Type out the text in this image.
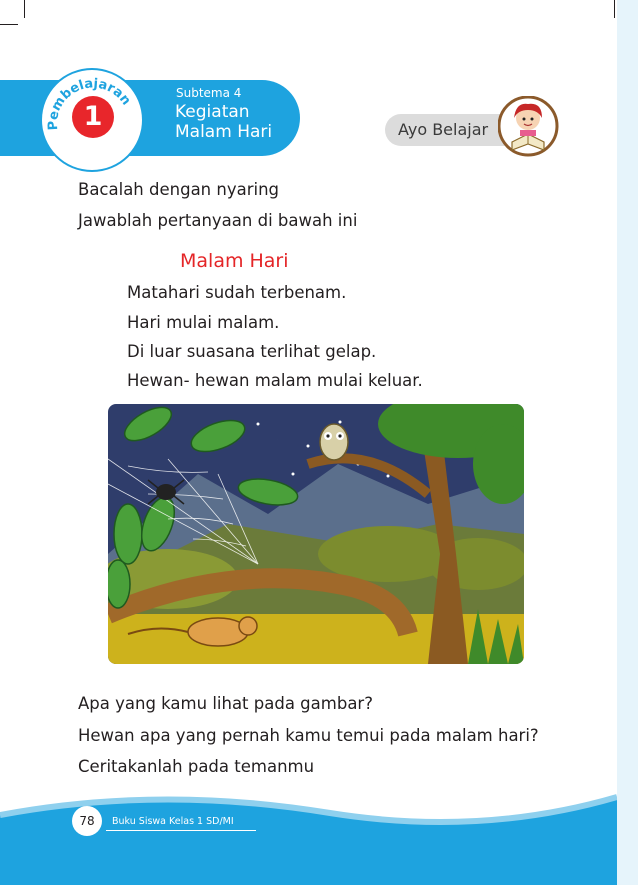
Pembelajaran
1
Subtema 4
Kegiatan
Malam Hari	Ayo Belajar
Bacalah dengan nyaring
Jawablah pertanyaan di bawah ini
Malam Hari
Matahari sudah terbenam.
Hari mulai malam.
Di luar suasana terlihat gelap.
Hewan- hewan malam mulai keluar.
Apa yang kamu lihat pada gambar?
Hewan apa yang pernah kamu temui pada malam hari?
Ceritakanlah pada temanmu
78	Buku Siswa Kelas 1 SD/MI
